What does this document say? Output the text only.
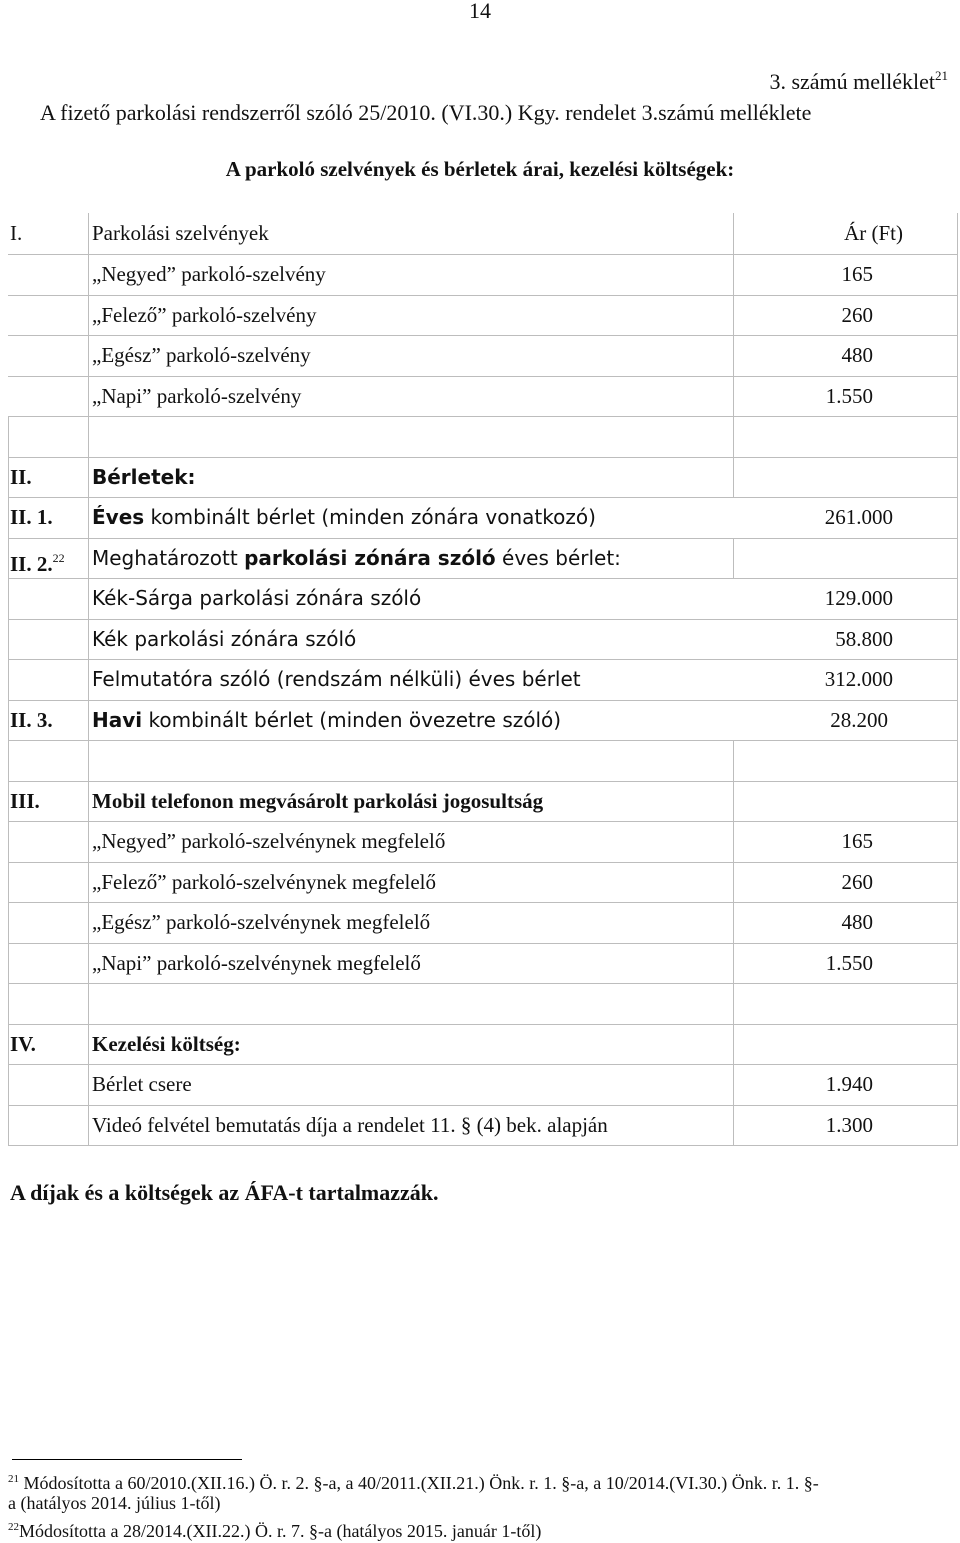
14
3. számú melléklet$^{21}$
A fizető parkolási rendszerről szóló 25/2010. (VI.30.) Kgy. rendelet 3.számú melléklete
A parkoló szelvények és bérletek árai, kezelési költségek:
I.	Parkolási szelvények	Ár (Ft)
„Negyed” parkoló-szelvény	165
„Felező” parkoló-szelvény	260
„Egész” parkoló-szelvény	480
„Napi” parkoló-szelvény	1.550
II.	Bérletek:
II. 1. Éves kombinált bérlet (minden zónára vonatkozó)	261.000
II. 2.22 Meghatározott parkolási zónára szóló éves bérlet:
Kék-Sárga parkolási zónára szóló	129.000
Kék parkolási zónára szóló	58.800
Felmutatóra szóló (rendszám nélküli) éves bérlet	312.000
II. 3. Havi kombinált bérlet (minden övezetre szóló)	28.200
III. Mobil telefonon megvásárolt parkolási jogosultság
„Negyed” parkoló-szelvénynek megfelelő	165
„Felező” parkoló-szelvénynek megfelelő	260
„Egész” parkoló-szelvénynek megfelelő	480
„Napi” parkoló-szelvénynek megfelelő	1.550
IV.	Kezelési költség:
Bérlet csere	1.940
Videó felvétel bemutatás díja a rendelet 11. § (4) bek. alapján	1.300
A díjak és a költségek az ÁFA-t tartalmazzák.
$^{21}$ Módosította a 60/2010.(XII.16.) Ö. r. 2. §-a, a 40/2011.(XII.21.) Önk. r. 1. §-a, a 10/2014.(VI.30.) Önk. r. 1. §-
a (hatályos 2014. július 1-től)
$^{22}$Módosította a 28/2014.(XII.22.) Ö. r. 7. §-a (hatályos 2015. január 1-től)
